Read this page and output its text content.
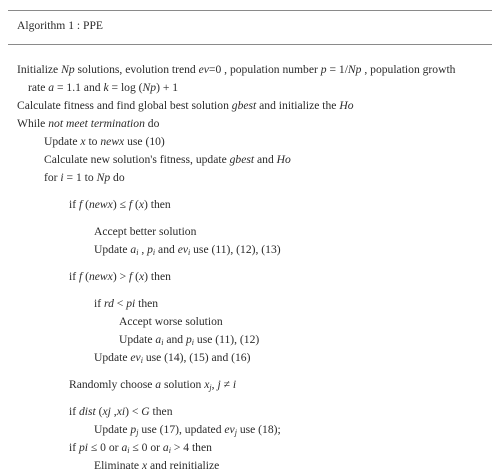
Algorithm 1 : PPE
Initialize Np solutions, evolution trend ev=0 , population number p = 1/Np , population growth
rate a = 1.1 and k = log (Np) + 1
Calculate fitness and find global best solution gbest and initialize the Ho
While not meet termination do
Update x to newx use (10)
Calculate new solution's fitness, update gbest and Ho
for i = 1 to Np do
if f (newx) ≤ f (x) then
Accept better solution
Update $a_i$ , $p_i$ and $ev_i$ use (11), (12), (13)
if f (newx) > f (x) then
if rd < pi then
Accept worse solution
Update $a_i$ and $p_i$ use (11), (12)
Update $ev_i$ use (14), (15) and (16)
Randomly choose a solution $x_j$, j ≠ i
if dist (xj ,xi) < G then
Update $p_j$ use (17), updated $ev_j$ use (18);
if pi ≤ 0 or $a_i \le 0$ or $a_i > 4$ then
Eliminate x and reinitialize
